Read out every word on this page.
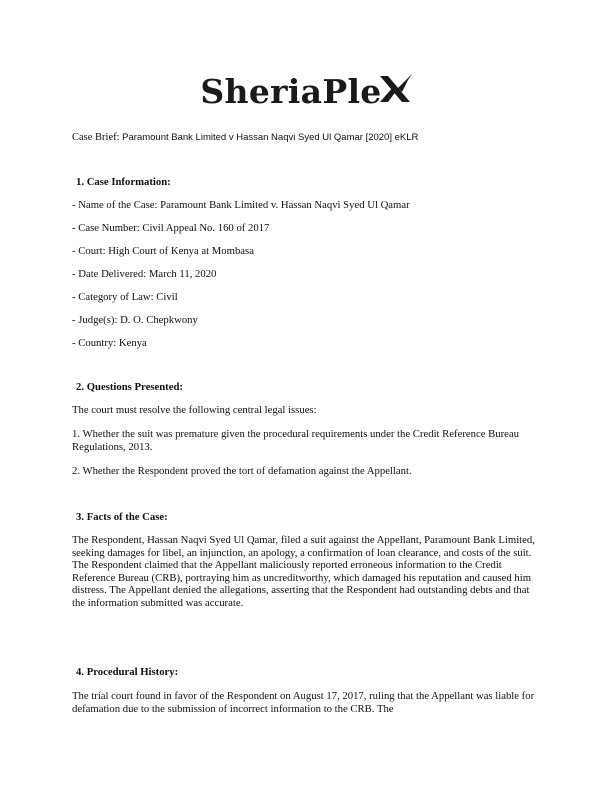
SheriaPle
Case Brief: Paramount Bank Limited v Hassan Naqvi Syed Ul Qamar [2020] eKLR

1. Case Information:

- Name of the Case: Paramount Bank Limited v. Hassan Naqvi Syed Ul Qamar

- Case Number: Civil Appeal No. 160 of 2017

- Court: High Court of Kenya at Mombasa

- Date Delivered: March 11, 2020

- Category of Law: Civil

- Judge(s): D. O. Chepkwony

- Country: Kenya

2. Questions Presented:

The court must resolve the following central legal issues:

1. Whether the suit was premature given the procedural requirements under the Credit Reference Bureau Regulations, 2013.

2. Whether the Respondent proved the tort of defamation against the Appellant.

3. Facts of the Case:

The Respondent, Hassan Naqvi Syed Ul Qamar, filed a suit against the Appellant, Paramount Bank Limited, seeking damages for libel, an injunction, an apology, a confirmation of loan clearance, and costs of the suit. The Respondent claimed that the Appellant maliciously reported erroneous information to the Credit Reference Bureau (CRB), portraying him as uncreditworthy, which damaged his reputation and caused him distress. The Appellant denied the allegations, asserting that the Respondent had outstanding debts and that the information submitted was accurate.

4. Procedural History:

The trial court found in favor of the Respondent on August 17, 2017, ruling that the Appellant was liable for defamation due to the submission of incorrect information to the CRB. The
